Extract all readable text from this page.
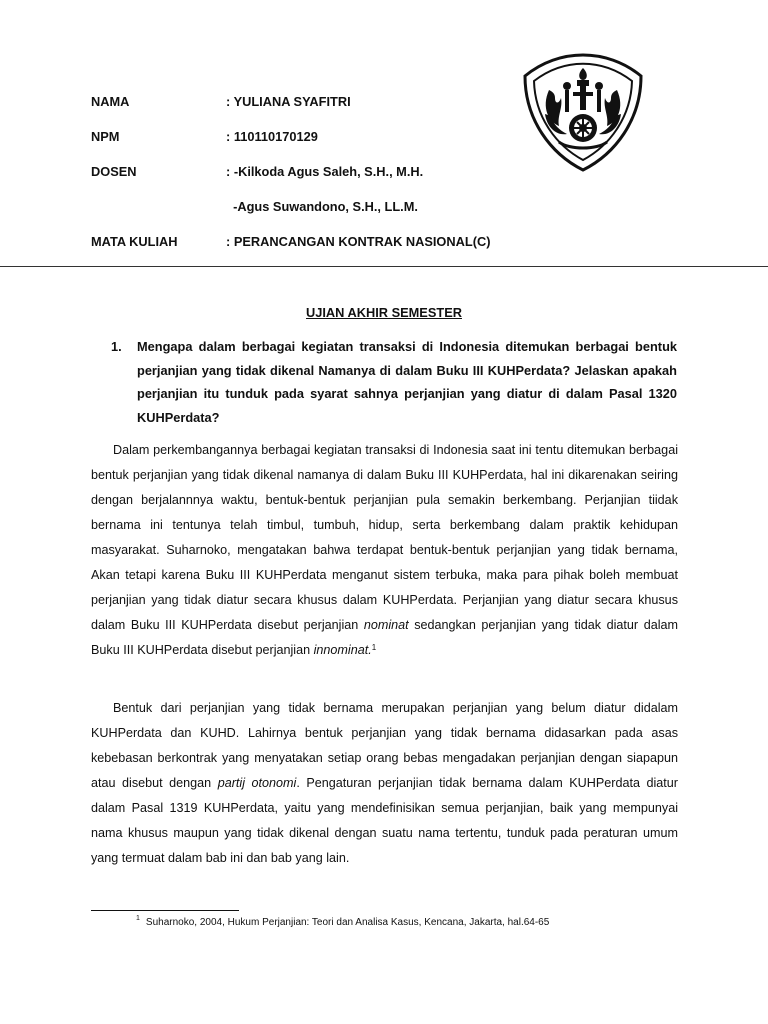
NAMA	: YULIANA SYAFITRI
NPM	: 110110170129
DOSEN	: -Kilkoda Agus Saleh, S.H., M.H.
-Agus Suwandono, S.H., LL.M.
MATA KULIAH	: PERANCANGAN KONTRAK NASIONAL(C)
UJIAN AKHIR SEMESTER
1. Mengapa dalam berbagai kegiatan transaksi di Indonesia ditemukan berbagai bentuk perjanjian yang tidak dikenal Namanya di dalam Buku III KUHPerdata? Jelaskan apakah perjanjian itu tunduk pada syarat sahnya perjanjian yang diatur di dalam Pasal 1320 KUHPerdata?
Dalam perkembangannya berbagai kegiatan transaksi di Indonesia saat ini tentu ditemukan berbagai bentuk perjanjian yang tidak dikenal namanya di dalam Buku III KUHPerdata, hal ini dikarenakan seiring dengan berjalannnya waktu, bentuk-bentuk perjanjian pula semakin berkembang. Perjanjian tiidak bernama ini tentunya telah timbul, tumbuh, hidup, serta berkembang dalam praktik kehidupan masyarakat. Suharnoko, mengatakan bahwa terdapat bentuk-bentuk perjanjian yang tidak bernama, Akan tetapi karena Buku III KUHPerdata menganut sistem terbuka, maka para pihak boleh membuat perjanjian yang tidak diatur secara khusus dalam KUHPerdata. Perjanjian yang diatur secara khusus dalam Buku III KUHPerdata disebut perjanjian nominat sedangkan perjanjian yang tidak diatur dalam Buku III KUHPerdata disebut perjanjian innominat.$^1$
Bentuk dari perjanjian yang tidak bernama merupakan perjanjian yang belum diatur didalam KUHPerdata dan KUHD. Lahirnya bentuk perjanjian yang tidak bernama didasarkan pada asas kebebasan berkontrak yang menyatakan setiap orang bebas mengadakan perjanjian dengan siapapun atau disebut dengan partij otonomi. Pengaturan perjanjian tidak bernama dalam KUHPerdata diatur dalam Pasal 1319 KUHPerdata, yaitu yang mendefinisikan semua perjanjian, baik yang mempunyai nama khusus maupun yang tidak dikenal dengan suatu nama tertentu, tunduk pada peraturan umum yang termuat dalam bab ini dan bab yang lain.
$^1$ Suharnoko, 2004, Hukum Perjanjian: Teori dan Analisa Kasus, Kencana, Jakarta, hal.64-65
